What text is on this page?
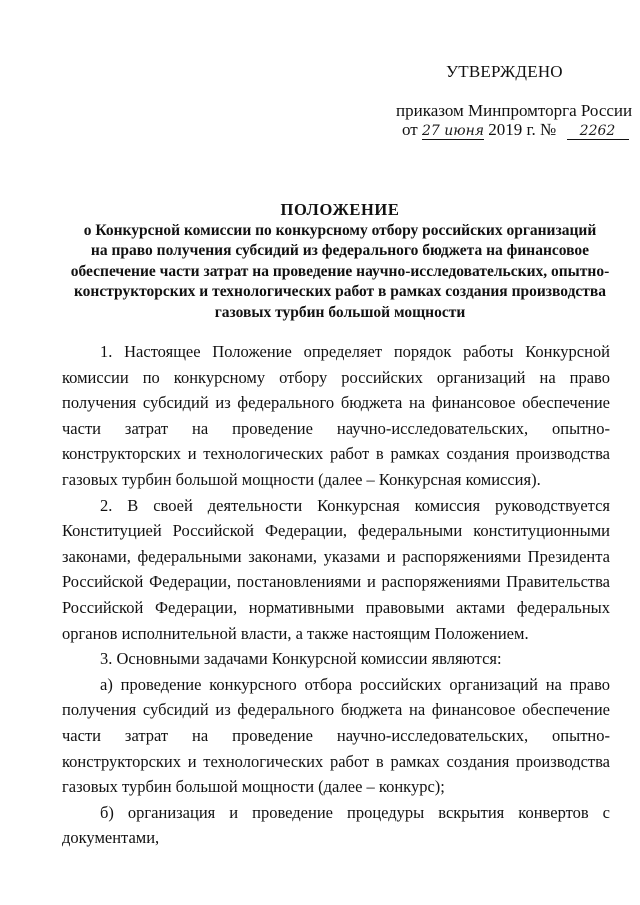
УТВЕРЖДЕНО
приказом Минпромторга России
от 27 июня 2019 г. № 2262
ПОЛОЖЕНИЕ
о Конкурсной комиссии по конкурсному отбору российских организаций
на право получения субсидий из федерального бюджета на финансовое
обеспечение части затрат на проведение научно-исследовательских, опытно-
конструкторских и технологических работ в рамках создания производства
газовых турбин большой мощности

1. Настоящее Положение определяет порядок работы Конкурсной комиссии по конкурсному отбору российских организаций на право получения субсидий из федерального бюджета на финансовое обеспечение части затрат на проведение научно-исследовательских, опытно-конструкторских и технологических работ в рамках создания производства газовых турбин большой мощности (далее – Конкурсная комиссия).

2. В своей деятельности Конкурсная комиссия руководствуется Конституцией Российской Федерации, федеральными конституционными законами, федеральными законами, указами и распоряжениями Президента Российской Федерации, постановлениями и распоряжениями Правительства Российской Федерации, нормативными правовыми актами федеральных органов исполнительной власти, а также настоящим Положением.

3. Основными задачами Конкурсной комиссии являются:

а) проведение конкурсного отбора российских организаций на право получения субсидий из федерального бюджета на финансовое обеспечение части затрат на проведение научно-исследовательских, опытно-конструкторских и технологических работ в рамках создания производства газовых турбин большой мощности (далее – конкурс);

б) организация и проведение процедуры вскрытия конвертов с документами,
